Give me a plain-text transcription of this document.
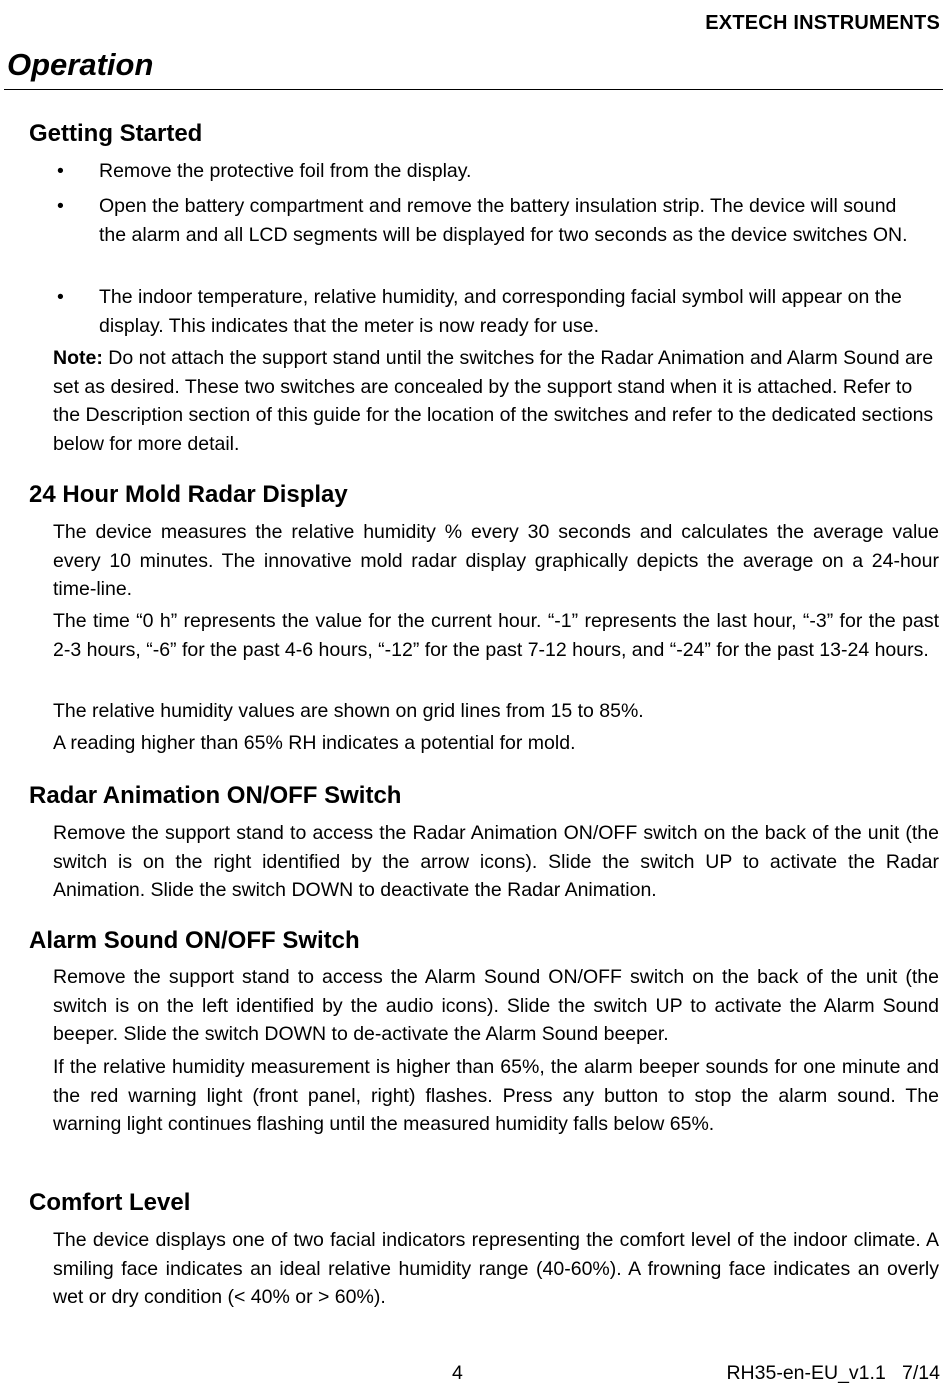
EXTECH INSTRUMENTS
Operation
Getting Started
• Remove the protective foil from the display.
• Open the battery compartment and remove the battery insulation strip. The device will sound the alarm and all LCD segments will be displayed for two seconds as the device switches ON.
• The indoor temperature, relative humidity, and corresponding facial symbol will appear on the display. This indicates that the meter is now ready for use.
Note: Do not attach the support stand until the switches for the Radar Animation and Alarm Sound are set as desired. These two switches are concealed by the support stand when it is attached. Refer to the Description section of this guide for the location of the switches and refer to the dedicated sections below for more detail.
24 Hour Mold Radar Display
The device measures the relative humidity % every 30 seconds and calculates the average value every 10 minutes. The innovative mold radar display graphically depicts the average on a 24-hour time-line.
The time “0 h” represents the value for the current hour. “-1” represents the last hour, “-3” for the past 2-3 hours, “-6” for the past 4-6 hours, “-12” for the past 7-12 hours, and “-24” for the past 13-24 hours.
The relative humidity values are shown on grid lines from 15 to 85%.
A reading higher than 65% RH indicates a potential for mold.
Radar Animation ON/OFF Switch
Remove the support stand to access the Radar Animation ON/OFF switch on the back of the unit (the switch is on the right identified by the arrow icons). Slide the switch UP to activate the Radar Animation. Slide the switch DOWN to deactivate the Radar Animation.
Alarm Sound ON/OFF Switch
Remove the support stand to access the Alarm Sound ON/OFF switch on the back of the unit (the switch is on the left identified by the audio icons). Slide the switch UP to activate the Alarm Sound beeper. Slide the switch DOWN to de-activate the Alarm Sound beeper.
If the relative humidity measurement is higher than 65%, the alarm beeper sounds for one minute and the red warning light (front panel, right) flashes. Press any button to stop the alarm sound. The warning light continues flashing until the measured humidity falls below 65%.
Comfort Level
The device displays one of two facial indicators representing the comfort level of the indoor climate. A smiling face indicates an ideal relative humidity range (40-60%). A frowning face indicates an overly wet or dry condition (< 40% or > 60%).
4	RH35-en-EU_v1.1   7/14
